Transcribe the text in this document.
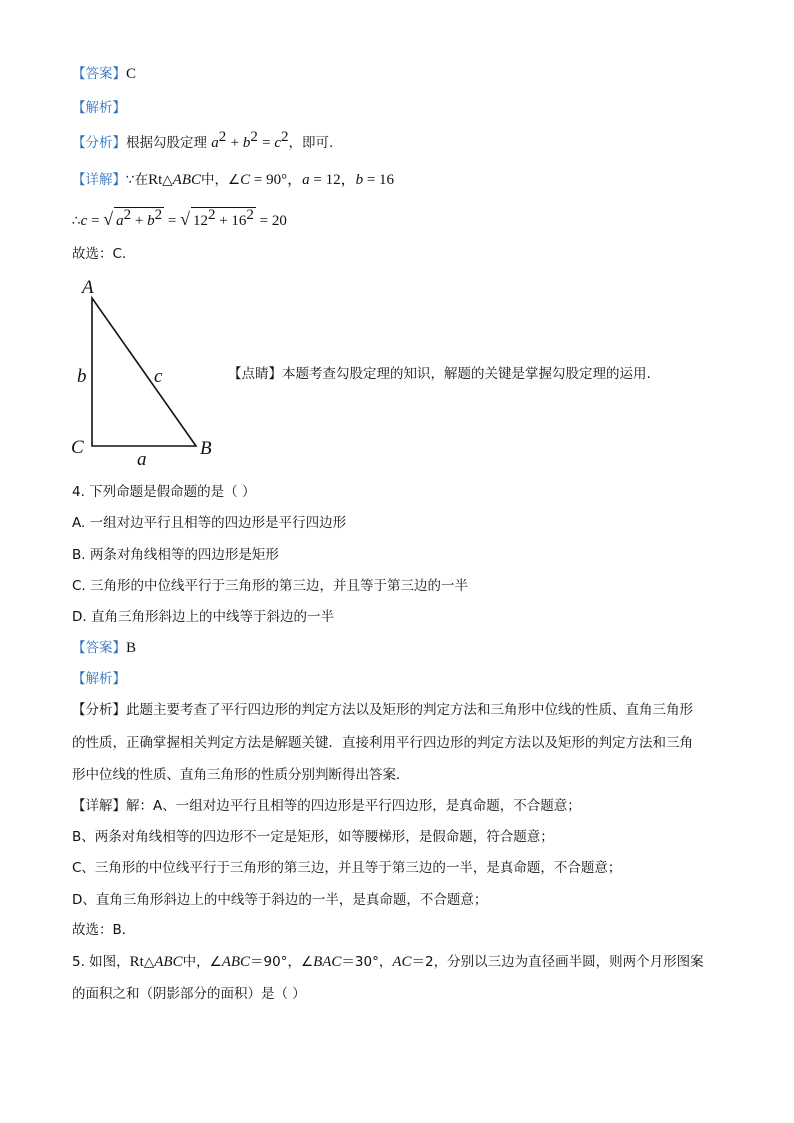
【答案】C
【解析】
【分析】根据勾股定理 $a^2 + b^2 = c^2$，即可.
【详解】∵在Rt△ABC中，∠C = 90°，a = 12，b = 16
∴c = √ $a^2 + b^2$ = √ $12^2 + 16^2 = 20$
故选：C.
A
C	B
b	c
a
【点睛】本题考查勾股定理的知识，解题的关键是掌握勾股定理的运用.
4. 下列命题是假命题的是（ ）
A. 一组对边平行且相等的四边形是平行四边形
B. 两条对角线相等的四边形是矩形
C. 三角形的中位线平行于三角形的第三边，并且等于第三边的一半
D. 直角三角形斜边上的中线等于斜边的一半
【答案】B
【解析】
【分析】此题主要考查了平行四边形的判定方法以及矩形的判定方法和三角形中位线的性质、直角三角形
的性质，正确掌握相关判定方法是解题关键．直接利用平行四边形的判定方法以及矩形的判定方法和三角
形中位线的性质、直角三角形的性质分别判断得出答案．
【详解】解：A、一组对边平行且相等的四边形是平行四边形，是真命题，不合题意；
B、两条对角线相等的四边形不一定是矩形，如等腰梯形，是假命题，符合题意；
C、三角形的中位线平行于三角形的第三边，并且等于第三边的一半，是真命题，不合题意；
D、直角三角形斜边上的中线等于斜边的一半，是真命题，不合题意；
故选：B．
5. 如图，Rt△ABC中，∠ABC＝90°，∠BAC＝30°，AC＝2，分别以三边为直径画半圆，则两个月形图案
的面积之和（阴影部分的面积）是（ ）
